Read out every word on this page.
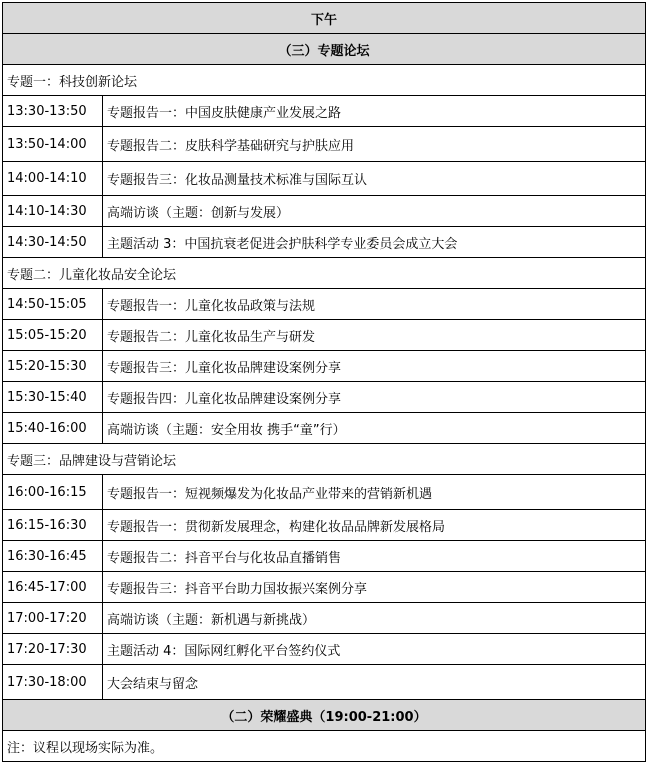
下午	
（三）专题论坛	
专题一：科技创新论坛	
13:30-13:50	专题报告一：中国皮肤健康产业发展之路
13:50-14:00	专题报告二：皮肤科学基础研究与护肤应用
14:00-14:10	专题报告三：化妆品测量技术标准与国际互认
14:10-14:30	高端访谈（主题：创新与发展）
14:30-14:50	主题活动 3：中国抗衰老促进会护肤科学专业委员会成立大会
专题二：儿童化妆品安全论坛	
14:50-15:05	专题报告一：儿童化妆品政策与法规
15:05-15:20	专题报告二：儿童化妆品生产与研发
15:20-15:30	专题报告三：儿童化妆品牌建设案例分享
15:30-15:40	专题报告四：儿童化妆品牌建设案例分享
15:40-16:00	高端访谈（主题：安全用妆 携手“童”行）
专题三：品牌建设与营销论坛	
16:00-16:15	专题报告一：短视频爆发为化妆品产业带来的营销新机遇
16:15-16:30	专题报告一：贯彻新发展理念，构建化妆品品牌新发展格局
16:30-16:45	专题报告二：抖音平台与化妆品直播销售
16:45-17:00	专题报告三：抖音平台助力国妆振兴案例分享
17:00-17:20	高端访谈（主题：新机遇与新挑战）
17:20-17:30	主题活动 4：国际网红孵化平台签约仪式
17:30-18:00	大会结束与留念
（二）荣耀盛典（19:00-21:00）	
注：议程以现场实际为准。	
